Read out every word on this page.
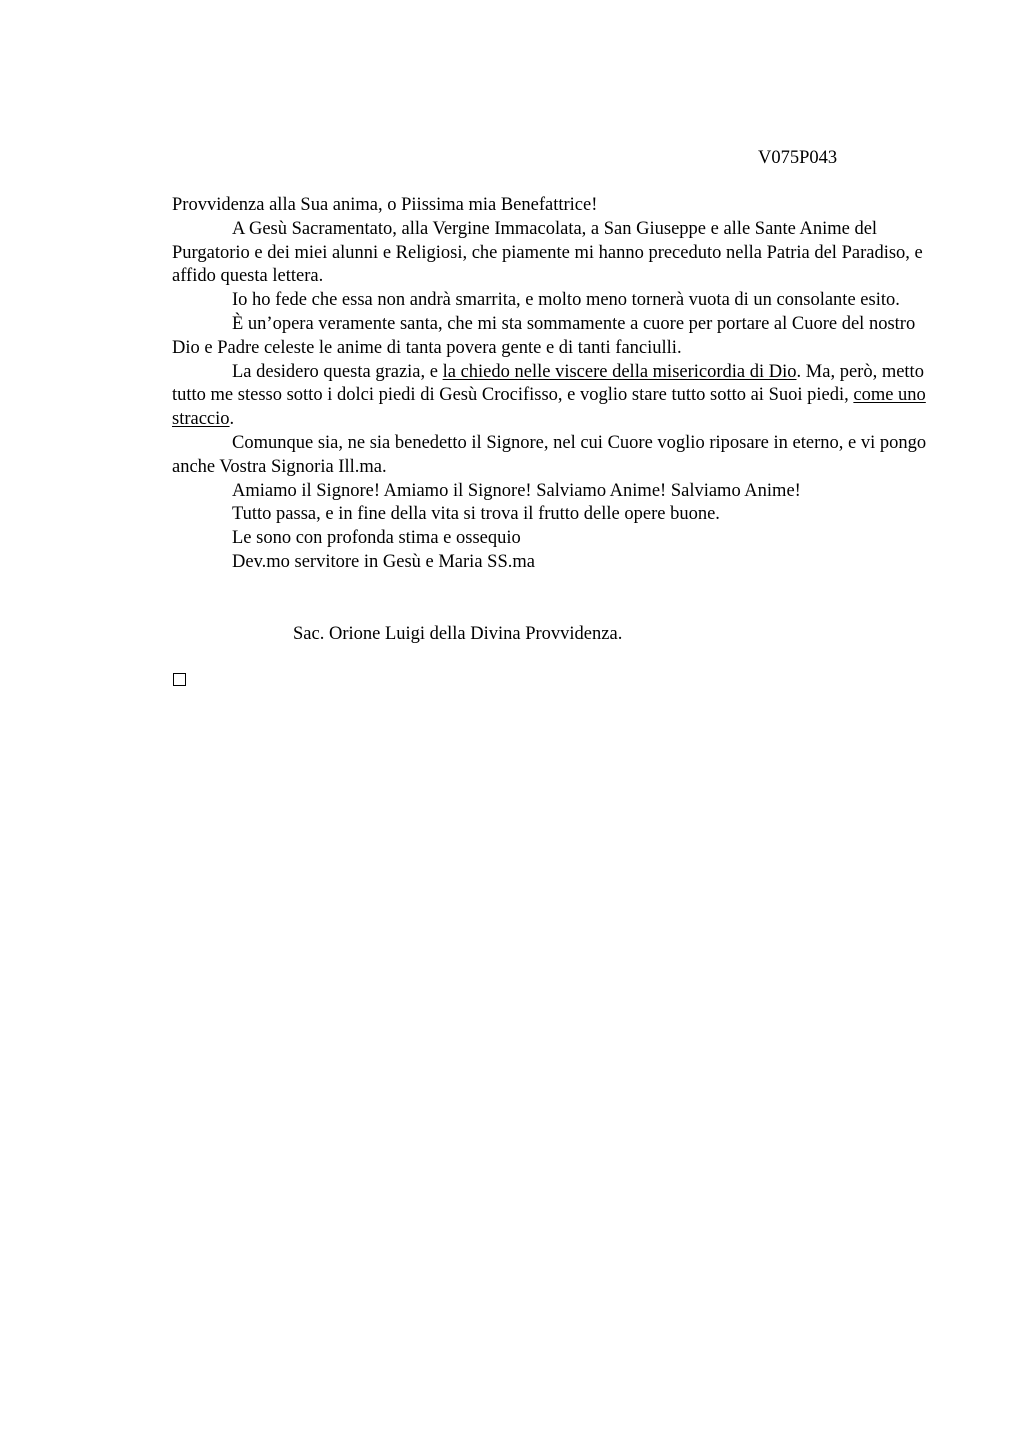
V075P043

Provvidenza alla Sua anima, o Piissima mia Benefattrice!

A Gesù Sacramentato, alla Vergine Immacolata, a San Giuseppe e alle Sante Anime del Purgatorio e dei miei alunni e Religiosi, che piamente mi hanno preceduto nella Patria del Paradiso, e affido questa lettera.

Io ho fede che essa non andrà smarrita, e molto meno tornerà vuota di un consolante esito.

È un’opera veramente santa, che mi sta sommamente a cuore per portare al Cuore del nostro Dio e Padre celeste le anime di tanta povera gente e di tanti fanciulli.

La desidero questa grazia, e la chiedo nelle viscere della misericordia di Dio. Ma, però, metto tutto me stesso sotto i dolci piedi di Gesù Crocifisso, e voglio stare tutto sotto ai Suoi piedi, come uno straccio.

Comunque sia, ne sia benedetto il Signore, nel cui Cuore voglio riposare in eterno, e vi pongo anche Vostra Signoria Ill.ma.

Amiamo il Signore! Amiamo il Signore! Salviamo Anime! Salviamo Anime!

Tutto passa, e in fine della vita si trova il frutto delle opere buone.

Le sono con profonda stima e ossequio

Dev.mo servitore in Gesù e Maria SS.ma

Sac. Orione Luigi della Divina Provvidenza.
